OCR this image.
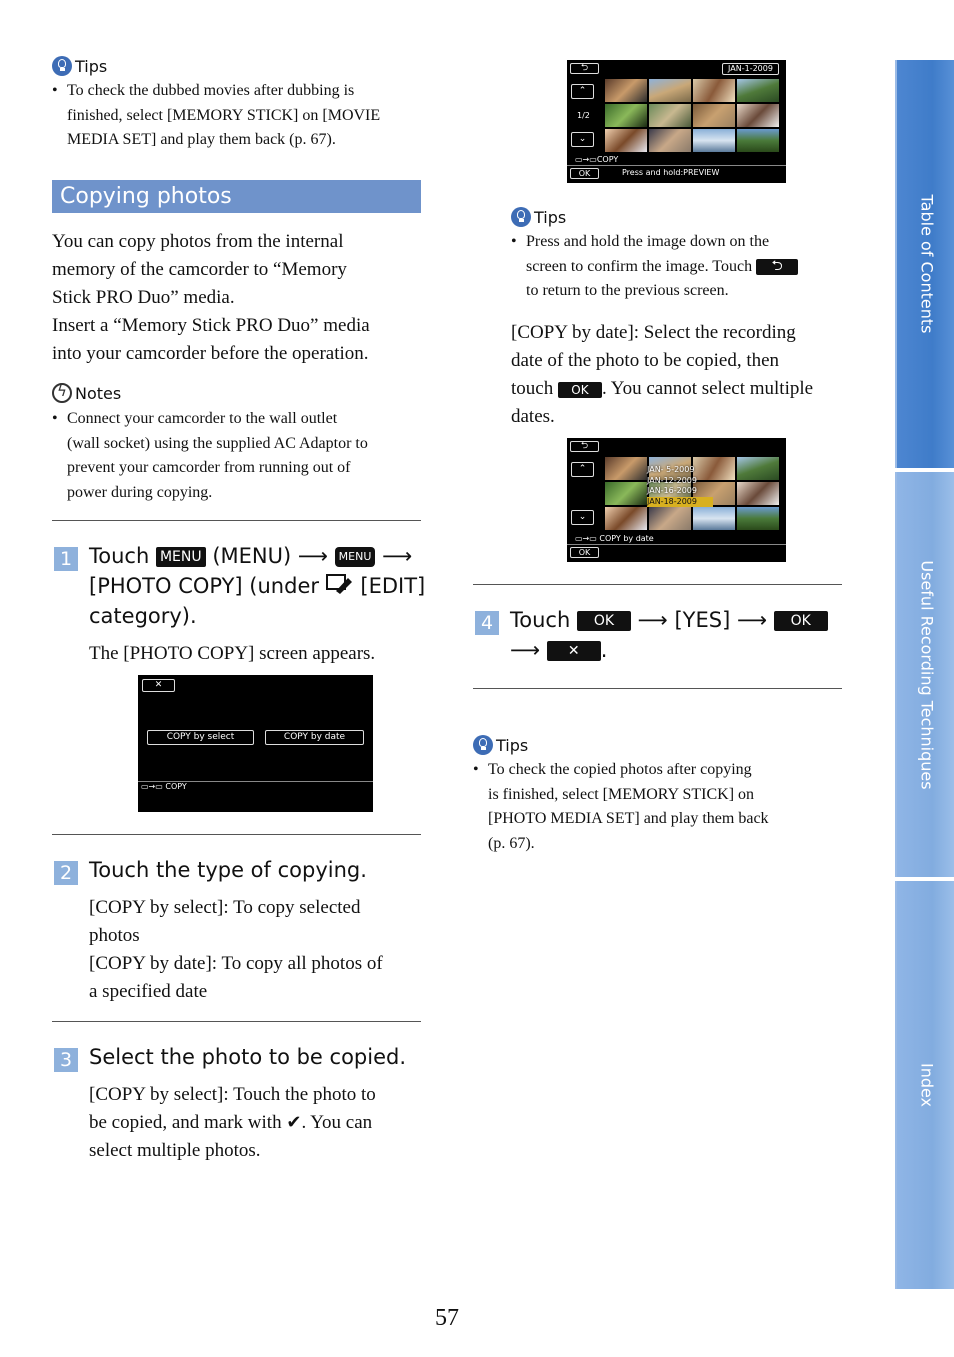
Tips
• To check the dubbed movies after dubbing is
finished, select [MEMORY STICK] on [MOVIE
MEDIA SET] and play them back (p. 67).
Copying photos
You can copy photos from the internal
memory of the camcorder to “Memory
Stick PRO Duo” media.
Insert a “Memory Stick PRO Duo” media
into your camcorder before the operation.
ϟNotes
• Connect your camcorder to the wall outlet
(wall socket) using the supplied AC Adaptor to
prevent your camcorder from running out of
power during copying.
1 Touch MENU (MENU) ⟶ MENU ⟶
[PHOTO COPY] (under [EDIT]
category).
The [PHOTO COPY] screen appears.
✕
COPY by select	COPY by date
▭→▭ COPY
2 Touch the type of copying.
[COPY by select]: To copy selected
photos
[COPY by date]: To copy all photos of
a specified date
3 Select the photo to be copied.
[COPY by select]: Touch the photo to
be copied, and mark with ✔. You can
select multiple photos.
⮌	JAN-1-2009
⌃
1/2
⌄
▭→▭COPY
OK	Press and hold:PREVIEW
Tips
• Press and hold the image down on the
screen to confirm the image. Touch ⮌
to return to the previous screen.
[COPY by date]: Select the recording
date of the photo to be copied, then
touch OK . You cannot select multiple
dates.
⮌
⌃
⌄
JAN- 5-2009
JAN-12-2009
JAN-16-2009
JAN-18-2009
▭→▭ COPY by date
OK
4 Touch OK ⟶ [YES] ⟶ OK
⟶ ✕ .
Tips
• To check the copied photos after copying
is finished, select [MEMORY STICK] on
[PHOTO MEDIA SET] and play them back
(p. 67).
57
Table of Contents
Useful Recording Techniques
Index
